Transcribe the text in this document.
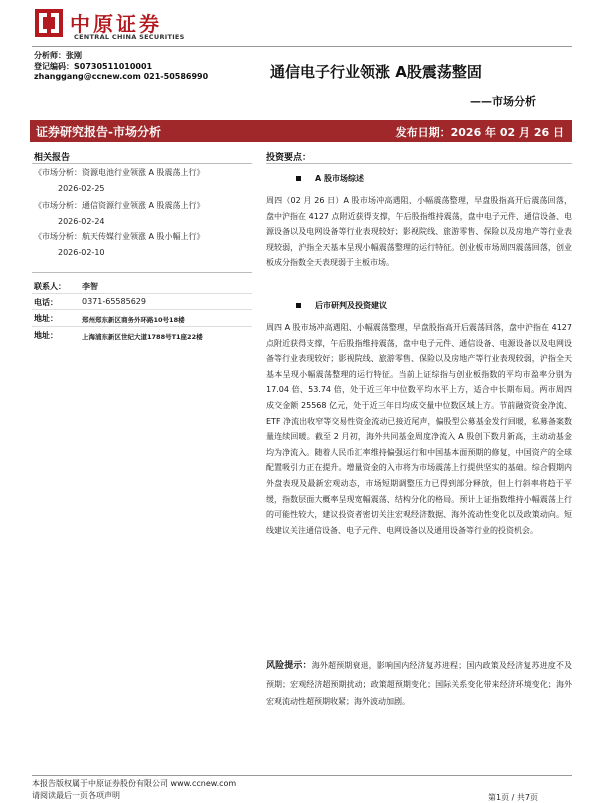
中原证券
CENTRAL CHINA SECURITIES
分析师：张刚
登记编码：S0730511010001
zhanggang@ccnew.com 021-50586990	通信电子行业领涨 A股震荡整固
——市场分析
证券研究报告-市场分析	发布日期：2026 年 02 月 26 日
相关报告
《市场分析：资源电池行业领涨 A 股震荡上行》
2026-02-25
《市场分析：通信资源行业领涨 A 股震荡上行》
2026-02-24
《市场分析：航天传媒行业领涨 A 股小幅上行》
2026-02-10
联系人： 李智
电话：	0371-65585629
地址：	郑州郑东新区商务外环路10号18楼
地址：	上海浦东新区世纪大道1788号T1座22楼
投资要点：
A 股市场综述
周四（02 月 26 日）A 股市场冲高遇阻、小幅震荡整理，早盘股指高开后震荡回落，盘中沪指在 4127 点附近获得支撑，午后股指维持震荡，盘中电子元件、通信设备、电源设备以及电网设备等行业表现较好；影视院线、旅游零售、保险以及房地产等行业表现较弱，沪指全天基本呈现小幅震荡整理的运行特征。创业板市场周四震荡回落，创业板成分指数全天表现弱于主板市场。
后市研判及投资建议
周四 A 股市场冲高遇阻、小幅震荡整理，早盘股指高开后震荡回落，盘中沪指在 4127 点附近获得支撑，午后股指维持震荡，盘中电子元件、通信设备、电源设备以及电网设备等行业表现较好；影视院线、旅游零售、保险以及房地产等行业表现较弱，沪指全天基本呈现小幅震荡整理的运行特征。当前上证综指与创业板指数的平均市盈率分别为 17.04 倍、53.74 倍，处于近三年中位数平均水平上方，适合中长期布局。两市周四成交金额 25568 亿元，处于近三年日均成交量中位数区域上方。节前融资资金净流、ETF 净流出收窄等交易性资金流动已接近尾声，偏股型公募基金发行回暖，私募备案数量连续回暖。截至 2 月初，海外共同基金周度净流入 A 股创下数月新高，主动动基金均为净流入。随着人民币汇率维持偏强运行和中国基本面预期的修复，中国资产的全球配置吸引力正在提升。增量资金的入市将为市场震荡上行提供坚实的基础。综合假期内外盘表现及最新宏观动态，市场短期调整压力已得到部分释放，但上行斜率将趋于平缓，指数层面大概率呈现宽幅震荡、结构分化的格局。预计上证指数维持小幅震荡上行的可能性较大，建议投资者密切关注宏观经济数据、海外流动性变化以及政策动向。短线建议关注通信设备、电子元件、电网设备以及通用设备等行业的投资机会。
风险提示：海外超预期衰退，影响国内经济复苏进程；国内政策及经济复苏进度不及预期；宏观经济超预期扰动；政策超预期变化；国际关系变化带来经济环境变化；海外宏观流动性超预期收紧；海外波动加剧。
本报告版权属于中原证券股份有限公司 www.ccnew.com
请阅读最后一页各项声明	第1页 / 共7页
